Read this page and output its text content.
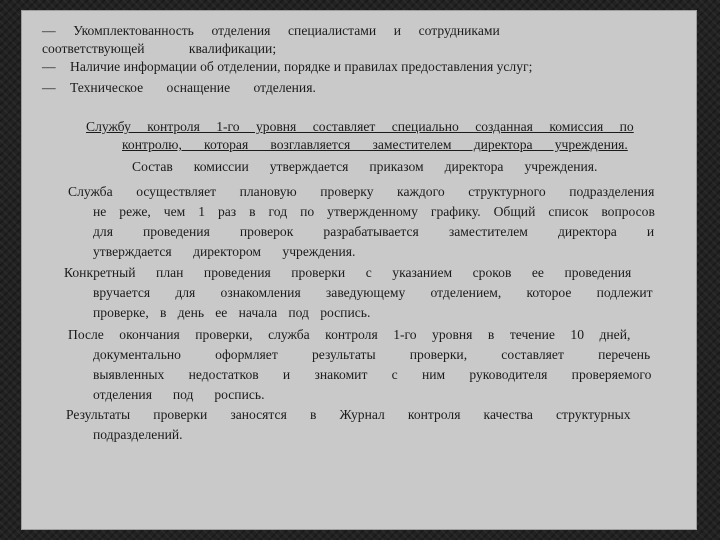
— Укомплектованность отделения специалистами и сотрудниками
соответствующей квалификации;
— Наличие информации об отделении, порядке и правилах предоставления услуг;
— Техническое оснащение отделения.
Службу контроля 1-го уровня составляет специально созданная комиссия по
контролю, которая возглавляется заместителем директора учреждения.
Состав комиссии утверждается приказом директора учреждения.
Служба осуществляет плановую проверку каждого структурного подразделения
не реже, чем 1 раз в год по утвержденному графику. Общий список вопросов
для проведения проверок разрабатывается заместителем директора и
утверждается директором учреждения.
Конкретный план проведения проверки с указанием сроков ее проведения
вручается для ознакомления заведующему отделением, которое подлежит
проверке, в день ее начала под роспись.
После окончания проверки, служба контроля 1-го уровня в течение 10 дней,
документально оформляет результаты проверки, составляет перечень
выявленных недостатков и знакомит с ним руководителя проверяемого
отделения под роспись.
Результаты проверки заносятся в Журнал контроля качества структурных
подразделений.
